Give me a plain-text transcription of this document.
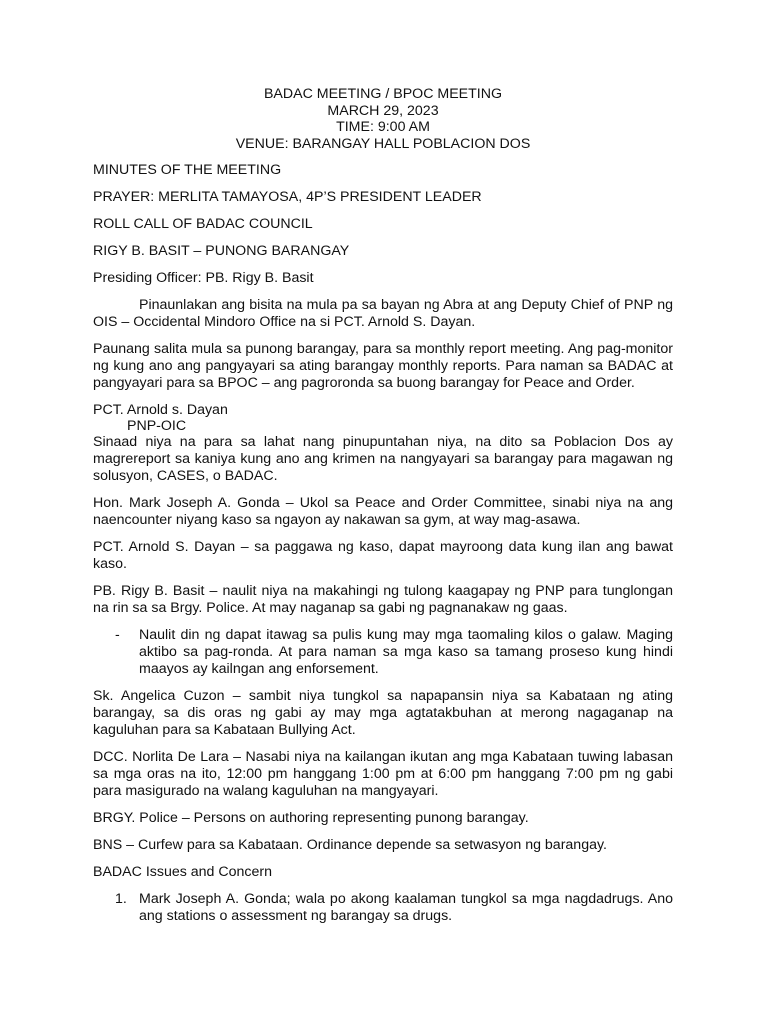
BADAC MEETING / BPOC MEETING

MARCH 29, 2023

TIME: 9:00 AM

VENUE: BARANGAY HALL POBLACION DOS

MINUTES OF THE MEETING

PRAYER: MERLITA TAMAYOSA, 4P’S PRESIDENT LEADER

ROLL CALL OF BADAC COUNCIL

RIGY B. BASIT – PUNONG BARANGAY

Presiding Officer: PB. Rigy B. Basit

Pinaunlakan ang bisita na mula pa sa bayan ng Abra at ang Deputy Chief of PNP ng OIS – Occidental Mindoro Office na si PCT. Arnold S. Dayan.

Paunang salita mula sa punong barangay, para sa monthly report meeting. Ang pag-monitor ng kung ano ang pangyayari sa ating barangay monthly reports. Para naman sa BADAC at pangyayari para sa BPOC – ang pagroronda sa buong barangay for Peace and Order.

PCT. Arnold s. Dayan

PNP-OIC

Sinaad niya na para sa lahat nang pinupuntahan niya, na dito sa Poblacion Dos ay magrereport sa kaniya kung ano ang krimen na nangyayari sa barangay para magawan ng solusyon, CASES, o BADAC.

Hon. Mark Joseph A. Gonda – Ukol sa Peace and Order Committee, sinabi niya na ang naencounter niyang kaso sa ngayon ay nakawan sa gym, at way mag-asawa.

PCT. Arnold S. Dayan – sa paggawa ng kaso, dapat mayroong data kung ilan ang bawat kaso.

PB. Rigy B. Basit – naulit niya na makahingi ng tulong kaagapay ng PNP para tunglongan na rin sa sa Brgy. Police. At may naganap sa gabi ng pagnanakaw ng gaas.

- Naulit din ng dapat itawag sa pulis kung may mga taomaling kilos o galaw. Maging aktibo sa pag-ronda. At para naman sa mga kaso sa tamang proseso kung hindi maayos ay kailngan ang enforsement.

Sk. Angelica Cuzon – sambit niya tungkol sa napapansin niya sa Kabataan ng ating barangay, sa dis oras ng gabi ay may mga agtatakbuhan at merong nagaganap na kaguluhan para sa Kabataan Bullying Act.

DCC. Norlita De Lara – Nasabi niya na kailangan ikutan ang mga Kabataan tuwing labasan sa mga oras na ito, 12:00 pm hanggang 1:00 pm at 6:00 pm hanggang 7:00 pm ng gabi para masigurado na walang kaguluhan na mangyayari.

BRGY. Police – Persons on authoring representing punong barangay.

BNS – Curfew para sa Kabataan. Ordinance depende sa setwasyon ng barangay.

BADAC Issues and Concern

1. Mark Joseph A. Gonda; wala po akong kaalaman tungkol sa mga nagdadrugs. Ano ang stations o assessment ng barangay sa drugs.
